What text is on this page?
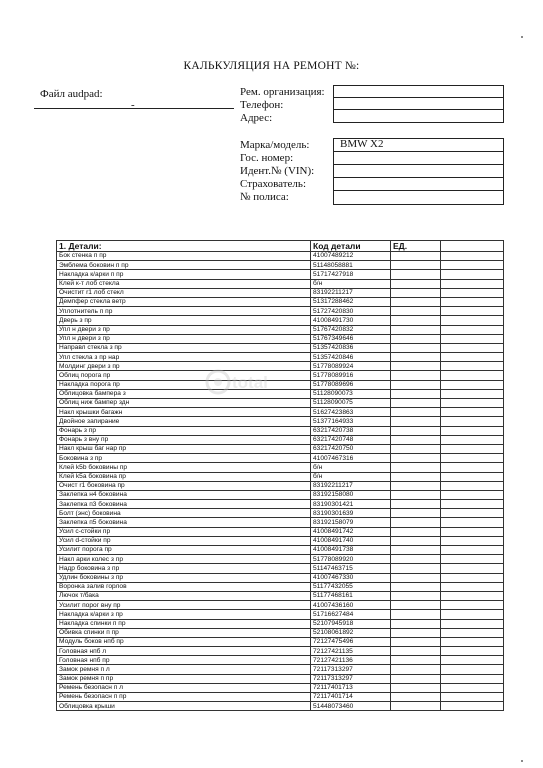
КАЛЬКУЛЯЦИЯ НА РЕМОНТ №:
Файл audpad:
-
Рем. организация:
Телефон:
Адрес:
Марка/модель:
Гос. номер:
Идент.№ (VIN):
Страхователь:
№ полиса:
BMW X2
1. Детали:	Код детали	ЕД.	
Бок стенка п пр	41007489212		
Эмблема боковин п пр	51148058881		
Накладка к/арки п пр	51717427918		
Клей к-т лоб стекла	б/н		
Очистит r1 лоб стекл	83192211217		
Демпфер стекла ветр	51317288462		
Уплотнитель п пр	51727420830		
Дверь з пр	41008491730		
Упл н двери з пр	51767420832		
Упл н двери з пр	51767349646		
Направл стекла з пр	51357420836		
Упл стекла з пр нар	51357420846		
Молдинг двери з пр	51778089924		
Облиц порога пр	51778089916		
Накладка порога пр	51778089696		
Облицовка бампера з	51128090073		
Облиц ниж бампер здн	51128090075		
Накл крышки багажн	51627423863		
Двойное запирание	51377164933		
Фонарь з пр	63217420738		
Фонарь з вну пр	63217420748		
Накл крыш баг нар пр	63217420750		
Боковина з пр	41007467316		
Клей k5b боковины пр	б/н		
Клей k5a боковина пр	б/н		
Очист r1 боковина пр	83192211217		
Заклепка н4 боковина	83192158080		
Заклепка п3 боковина	83190301421		
Болт (энс) боковина	83190301639		
Заклепка п5 боковина	83192158079		
Усил с-стойки пр	41008491742		
Усил d-стойки пр	41008491740		
Усилит порога пр	41008491738		
Накл арки колес з пр	51778089920		
Надр боковина з пр	51147463715		
Удлин боковины з пр	41007467330		
Воронка залив горлов	51177432055		
Лючок т/бака	51177468161		
Усилит порог вну пр	41007436160		
Накладка к/арки з пр	51716627484		
Накладка спинки п пр	52107945918		
Обивка спинки п пр	52108061892		
Модуль боков нпб пр	72127475496		
Головная нпб л	72127421135		
Головная нпб пр	72127421136		
Замок ремня п л	72117313297		
Замок ремня п пр	72117313297		
Ремень безопасн п л	72117401713		
Ремень безопасн п пр	72117401714		
Облицовка крыши	51448073460		
total
